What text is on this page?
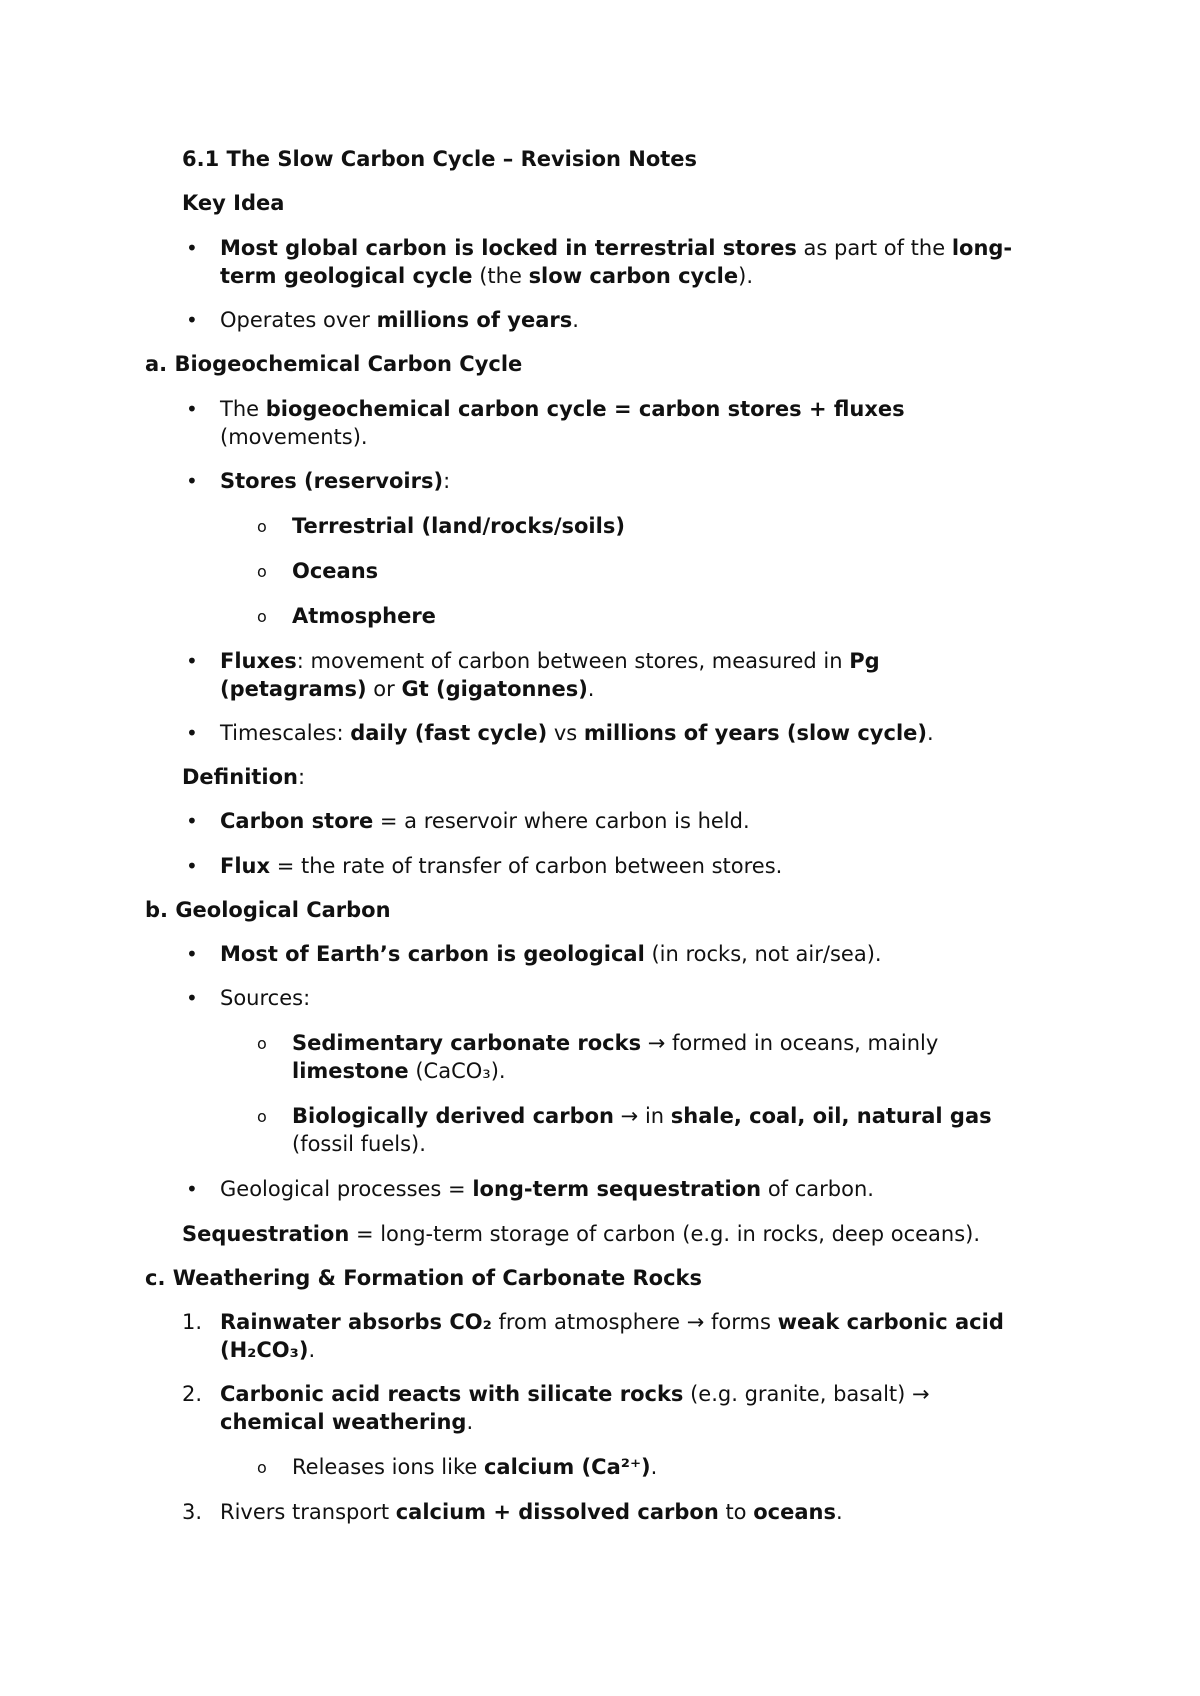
6.1 The Slow Carbon Cycle – Revision Notes
Key Idea
• Most global carbon is locked in terrestrial stores as part of the long-
term geological cycle (the slow carbon cycle).
• Operates over millions of years.
a. Biogeochemical Carbon Cycle
• The biogeochemical carbon cycle = carbon stores + fluxes
(movements).
• Stores (reservoirs):
o Terrestrial (land/rocks/soils)
o Oceans
o Atmosphere
• Fluxes: movement of carbon between stores, measured in Pg
(petagrams) or Gt (gigatonnes).
• Timescales: daily (fast cycle) vs millions of years (slow cycle).
Definition:
• Carbon store = a reservoir where carbon is held.
• Flux = the rate of transfer of carbon between stores.
b. Geological Carbon
• Most of Earth’s carbon is geological (in rocks, not air/sea).
• Sources:
o Sedimentary carbonate rocks → formed in oceans, mainly
limestone (CaCO₃).
o Biologically derived carbon → in shale, coal, oil, natural gas
(fossil fuels).
• Geological processes = long-term sequestration of carbon.
Sequestration = long-term storage of carbon (e.g. in rocks, deep oceans).
c. Weathering & Formation of Carbonate Rocks
1. Rainwater absorbs CO₂ from atmosphere → forms weak carbonic acid
(H₂CO₃).
2. Carbonic acid reacts with silicate rocks (e.g. granite, basalt) →
chemical weathering.
o Releases ions like calcium (Ca²⁺).
3. Rivers transport calcium + dissolved carbon to oceans.
